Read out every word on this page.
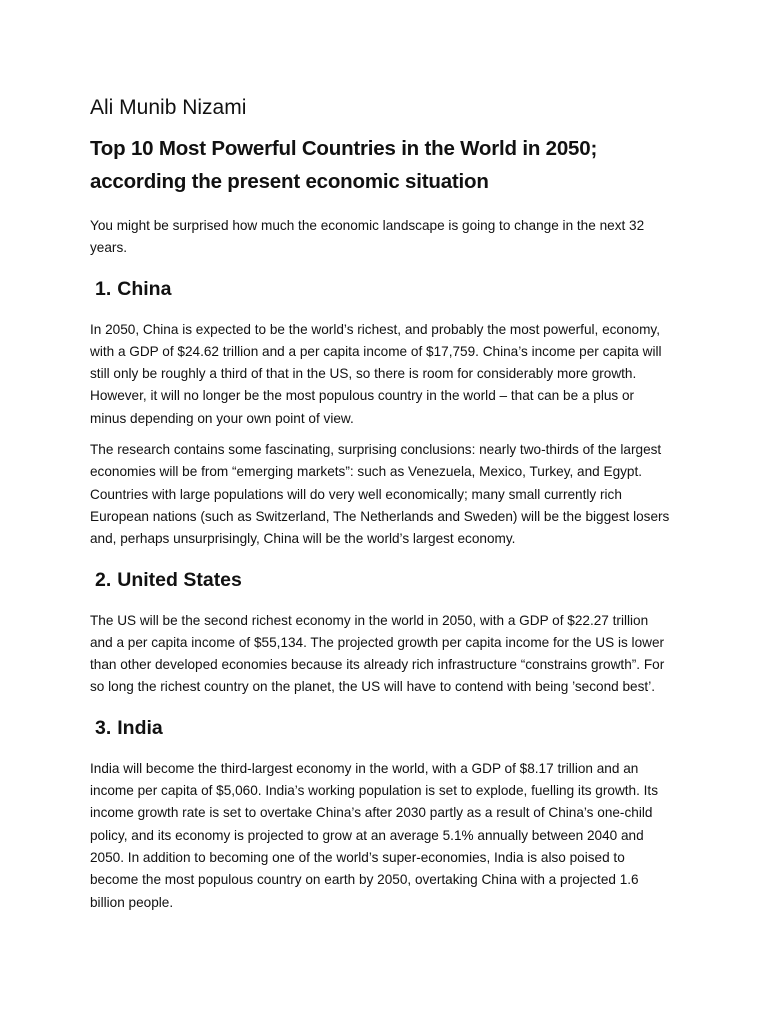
Ali Munib Nizami
Top 10 Most Powerful Countries in the World in 2050;
according the present economic situation

You might be surprised how much the economic landscape is going to change in the next 32 years.

1. China

In 2050, China is expected to be the world’s richest, and probably the most powerful, economy, with a GDP of $24.62 trillion and a per capita income of $17,759. China’s income per capita will still only be roughly a third of that in the US, so there is room for considerably more growth. However, it will no longer be the most populous country in the world – that can be a plus or minus depending on your own point of view.

The research contains some fascinating, surprising conclusions: nearly two-thirds of the largest economies will be from “emerging markets”: such as Venezuela, Mexico, Turkey, and Egypt. Countries with large populations will do very well economically; many small currently rich European nations (such as Switzerland, The Netherlands and Sweden) will be the biggest losers and, perhaps unsurprisingly, China will be the world’s largest economy.

2. United States

The US will be the second richest economy in the world in 2050, with a GDP of $22.27 trillion and a per capita income of $55,134. The projected growth per capita income for the US is lower than other developed economies because its already rich infrastructure “constrains growth”. For so long the richest country on the planet, the US will have to contend with being ’second best’.

3. India

India will become the third-largest economy in the world, with a GDP of $8.17 trillion and an income per capita of $5,060. India’s working population is set to explode, fuelling its growth. Its income growth rate is set to overtake China’s after 2030 partly as a result of China’s one-child policy, and its economy is projected to grow at an average 5.1% annually between 2040 and 2050. In addition to becoming one of the world’s super-economies, India is also poised to become the most populous country on earth by 2050, overtaking China with a projected 1.6 billion people.
